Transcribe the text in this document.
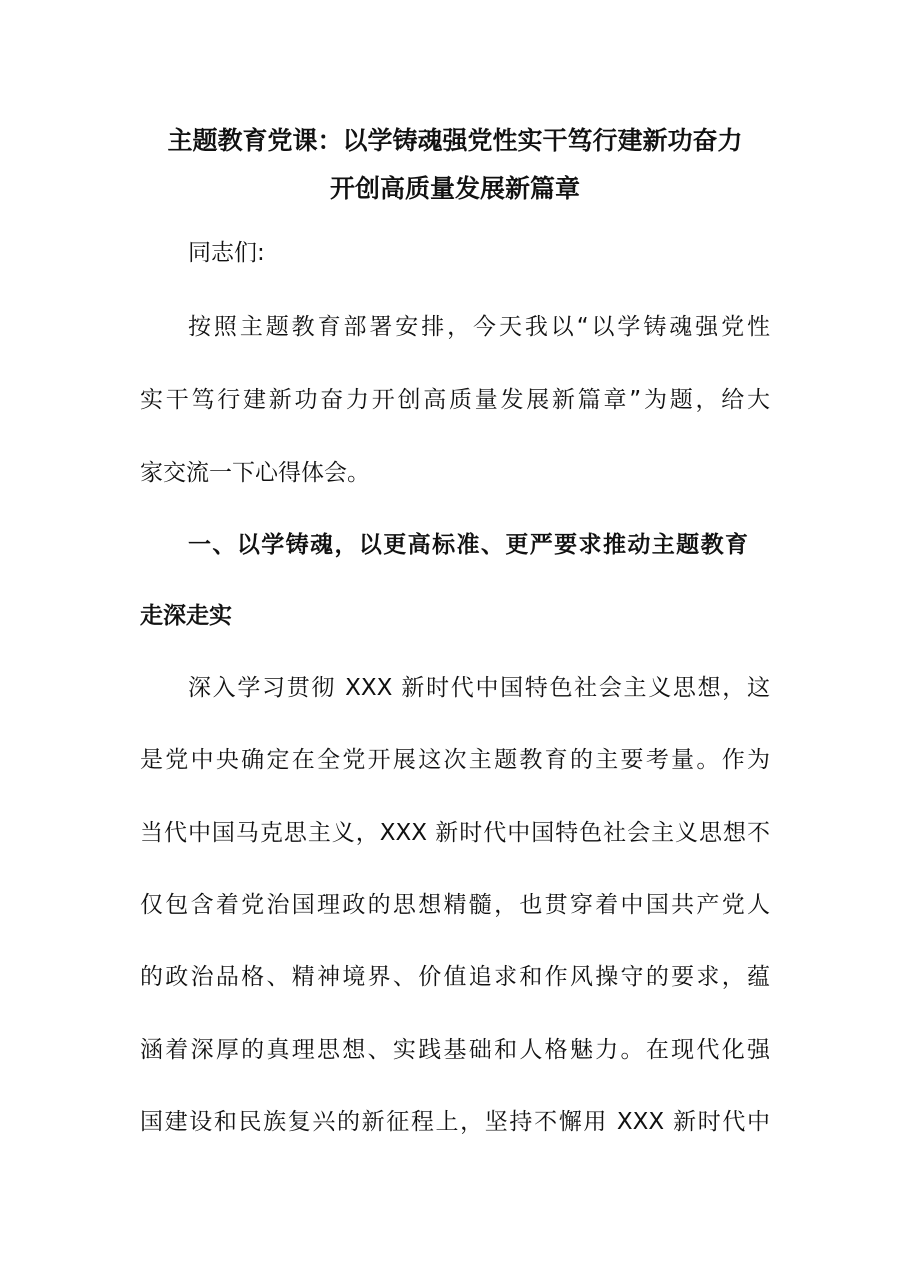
主题教育党课：以学铸魂强党性实干笃行建新功奋力
开创高质量发展新篇章
同志们:
按照主题教育部署安排，今天我以“以学铸魂强党性
实干笃行建新功奋力开创高质量发展新篇章”为题，给大
家交流一下心得体会。
一、以学铸魂，以更高标准、更严要求推动主题教育
走深走实
深入学习贯彻 XXX 新时代中国特色社会主义思想，这
是党中央确定在全党开展这次主题教育的主要考量。作为
当代中国马克思主义，XXX 新时代中国特色社会主义思想不
仅包含着党治国理政的思想精髓，也贯穿着中国共产党人
的政治品格、精神境界、价值追求和作风操守的要求，蕴
涵着深厚的真理思想、实践基础和人格魅力。在现代化强
国建设和民族复兴的新征程上，坚持不懈用 XXX 新时代中
